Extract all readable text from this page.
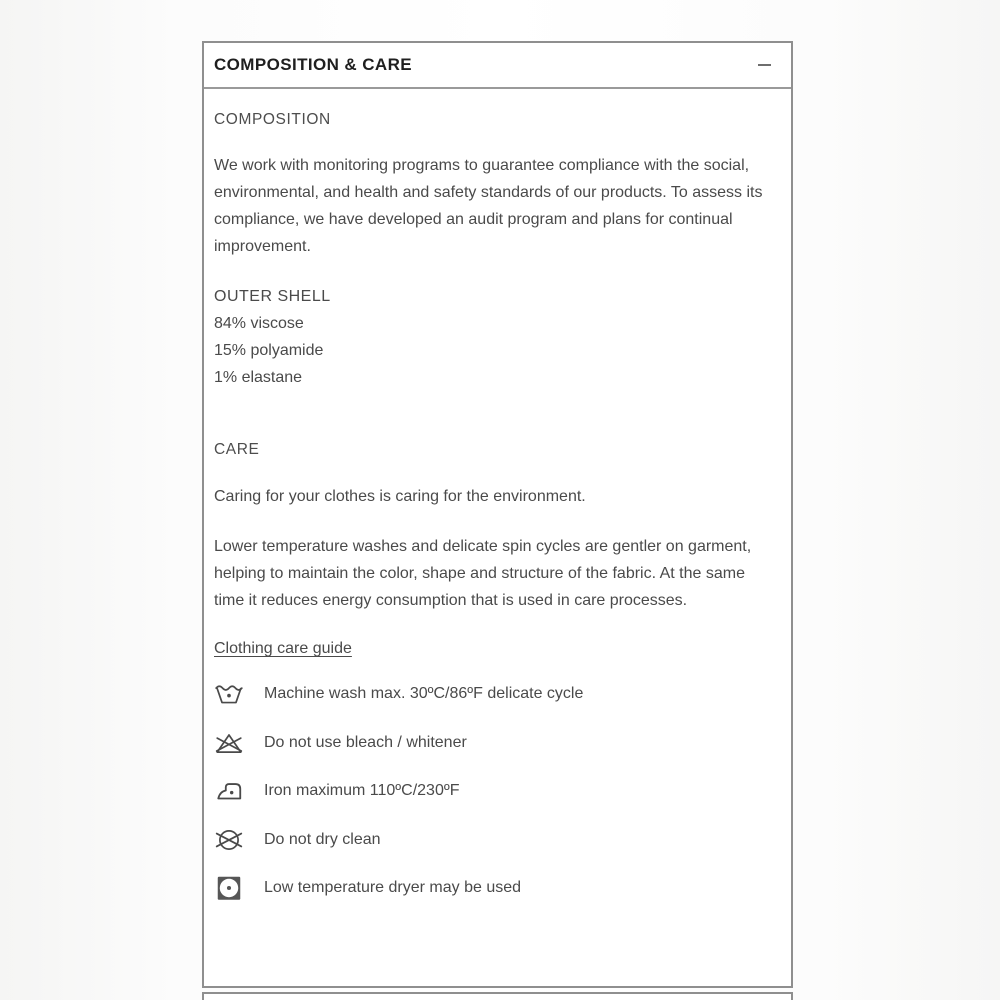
COMPOSITION & CARE
COMPOSITION

We work with monitoring programs to guarantee compliance with the social, environmental, and health and safety standards of our products. To assess its compliance, we have developed an audit program and plans for continual improvement.

OUTER SHELL
84% viscose
15% polyamide
1% elastane
CARE

Caring for your clothes is caring for the environment.

Lower temperature washes and delicate spin cycles are gentler on garment, helping to maintain the color, shape and structure of the fabric. At the same time it reduces energy consumption that is used in care processes.

Clothing care guide
Machine wash max. 30ºC/86ºF delicate cycle
Do not use bleach / whitener
Iron maximum 110ºC/230ºF
Do not dry clean
Low temperature dryer may be used
